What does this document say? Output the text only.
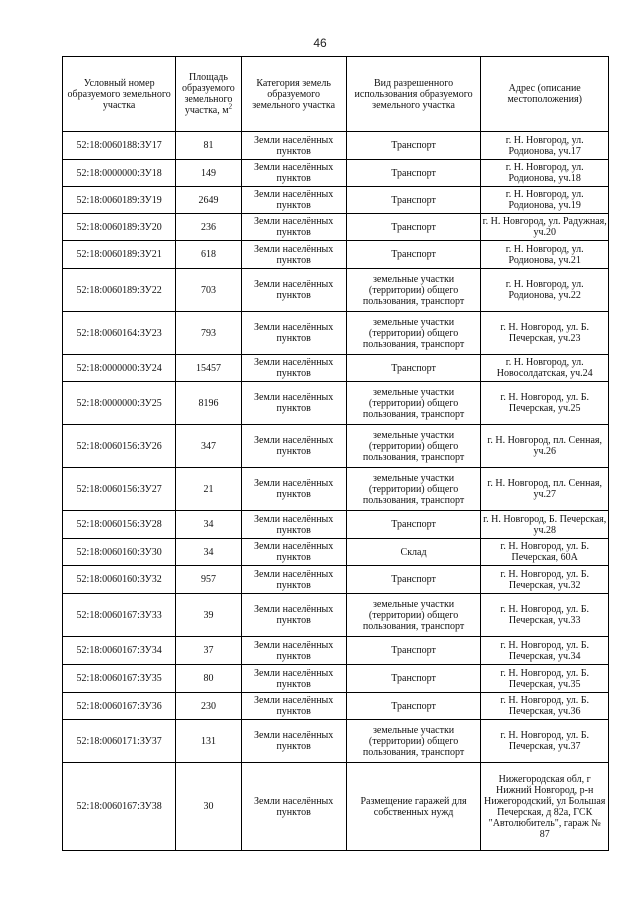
46
Условный номер образуемого земельного участка	Площадь образуемого земельного участка, $м^2$	Категория земель образуемого земельного участка	Вид разрешенного использования образуемого земельного участка	Адрес (описание местоположения)
52:18:0060188:ЗУ17	81	Земли населённых пунктов	Транспорт	г. Н. Новгород, ул. Родионова, уч.17
52:18:0000000:ЗУ18	149	Земли населённых пунктов	Транспорт	г. Н. Новгород, ул. Родионова, уч.18
52:18:0060189:ЗУ19	2649	Земли населённых пунктов	Транспорт	г. Н. Новгород, ул. Родионова, уч.19
52:18:0060189:ЗУ20	236	Земли населённых пунктов	Транспорт	г. Н. Новгород, ул. Радужная, уч.20
52:18:0060189:ЗУ21	618	Земли населённых пунктов	Транспорт	г. Н. Новгород, ул. Родионова, уч.21
52:18:0060189:ЗУ22	703	Земли населённых пунктов	земельные участки (территории) общего пользования, транспорт	г. Н. Новгород, ул. Родионова, уч.22
52:18:0060164:ЗУ23	793	Земли населённых пунктов	земельные участки (территории) общего пользования, транспорт	г. Н. Новгород, ул. Б. Печерская, уч.23
52:18:0000000:ЗУ24	15457	Земли населённых пунктов	Транспорт	г. Н. Новгород, ул. Новосолдатская, уч.24
52:18:0000000:ЗУ25	8196	Земли населённых пунктов	земельные участки (территории) общего пользования, транспорт	г. Н. Новгород, ул. Б. Печерская, уч.25
52:18:0060156:ЗУ26	347	Земли населённых пунктов	земельные участки (территории) общего пользования, транспорт	г. Н. Новгород, пл. Сенная, уч.26
52:18:0060156:ЗУ27	21	Земли населённых пунктов	земельные участки (территории) общего пользования, транспорт	г. Н. Новгород, пл. Сенная, уч.27
52:18:0060156:ЗУ28	34	Земли населённых пунктов	Транспорт	г. Н. Новгород, Б. Печерская, уч.28
52:18:0060160:ЗУ30	34	Земли населённых пунктов	Склад	г. Н. Новгород, ул. Б. Печерская, 60А
52:18:0060160:ЗУ32	957	Земли населённых пунктов	Транспорт	г. Н. Новгород, ул. Б. Печерская, уч.32
52:18:0060167:ЗУ33	39	Земли населённых пунктов	земельные участки (территории) общего пользования, транспорт	г. Н. Новгород, ул. Б. Печерская, уч.33
52:18:0060167:ЗУ34	37	Земли населённых пунктов	Транспорт	г. Н. Новгород, ул. Б. Печерская, уч.34
52:18:0060167:ЗУ35	80	Земли населённых пунктов	Транспорт	г. Н. Новгород, ул. Б. Печерская, уч.35
52:18:0060167:ЗУ36	230	Земли населённых пунктов	Транспорт	г. Н. Новгород, ул. Б. Печерская, уч.36
52:18:0060171:ЗУ37	131	Земли населённых пунктов	земельные участки (территории) общего пользования, транспорт	г. Н. Новгород, ул. Б. Печерская, уч.37
52:18:0060167:ЗУ38	30	Земли населённых пунктов	Размещение гаражей для собственных нужд	Нижегородская обл, г Нижний Новгород, р-н Нижегородский, ул Большая Печерская, д 82а, ГСК "Автолюбитель", гараж № 87
